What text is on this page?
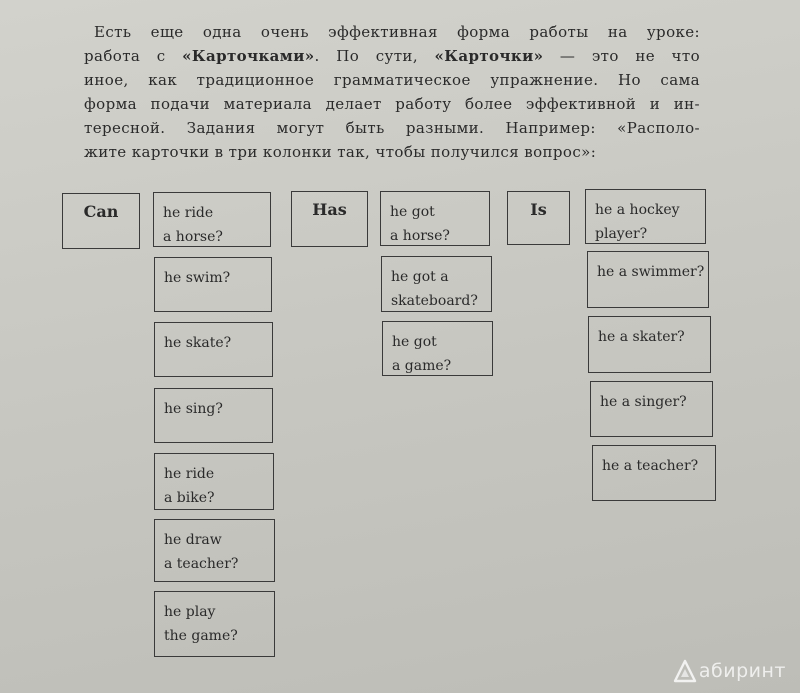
Есть еще одна очень эффективная форма работы на уроке:
работа с «Карточками». По сути, «Карточки» — это не что
иное, как традиционное грамматическое упражнение. Но сама
форма подачи материала делает работу более эффективной и ин-
тересной. Задания могут быть разными. Например: «Располо-
жите карточки в три колонки так, чтобы получился вопрос»:
Can	he ride
a horse?
he swim?
he skate?
he sing?
he ride
a bike?
he draw
a teacher?
he play
the game?
Has	he got
a horse?
he got a
skateboard?
he got
a game?
Is	he a hockey
player?
he a swimmer?
he a skater?
he a singer?
he a teacher?
абиринт
